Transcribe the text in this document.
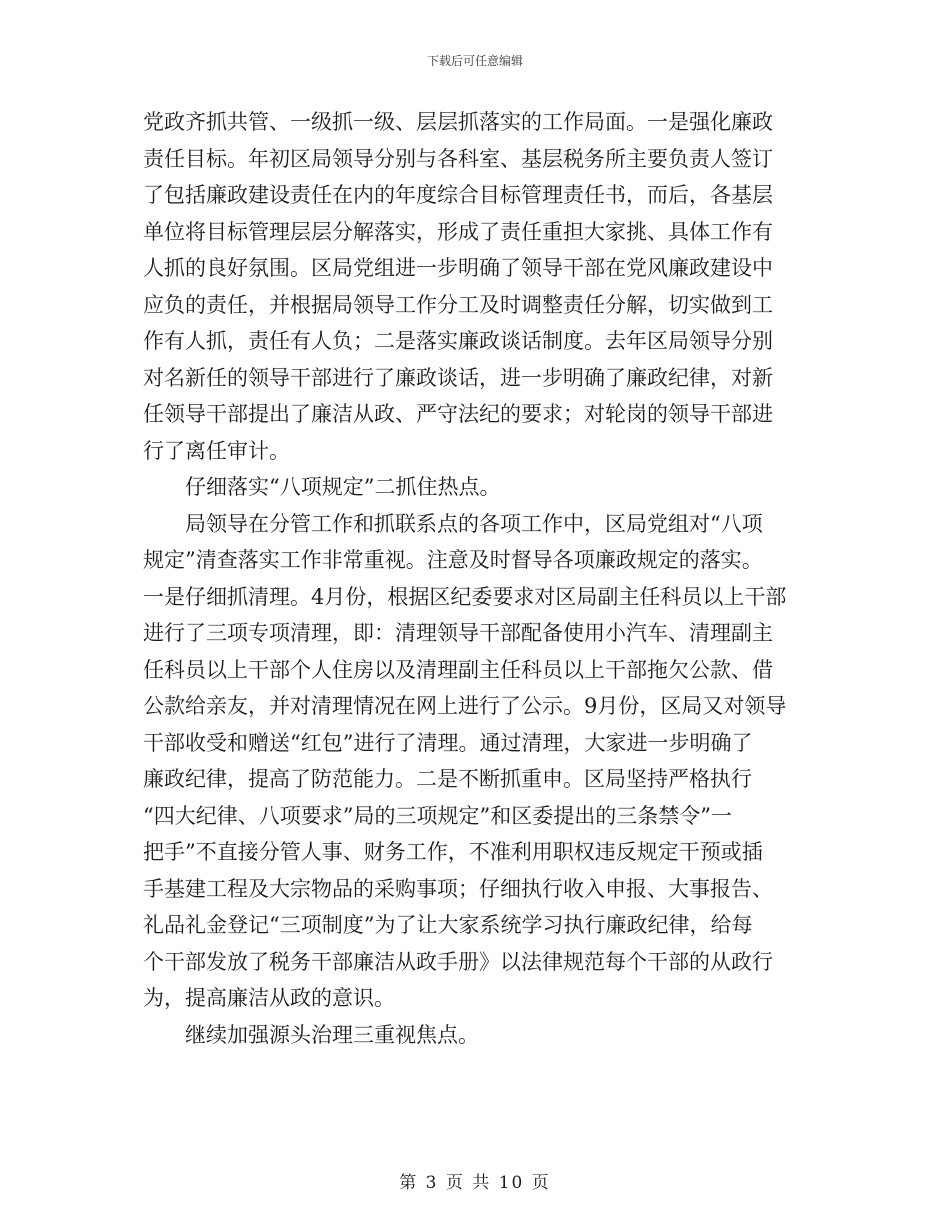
下载后可任意编辑
党政齐抓共管、一级抓一级、层层抓落实的工作局面。一是强化廉政
责任目标。年初区局领导分别与各科室、基层税务所主要负责人签订
了包括廉政建设责任在内的年度综合目标管理责任书，而后，各基层
单位将目标管理层层分解落实，形成了责任重担大家挑、具体工作有
人抓的良好氛围。区局党组进一步明确了领导干部在党风廉政建设中
应负的责任，并根据局领导工作分工及时调整责任分解，切实做到工
作有人抓，责任有人负；二是落实廉政谈话制度。去年区局领导分别
对名新任的领导干部进行了廉政谈话，进一步明确了廉政纪律，对新
任领导干部提出了廉洁从政、严守法纪的要求；对轮岗的领导干部进
行了离任审计。
　　仔细落实“八项规定”二抓住热点。
　　局领导在分管工作和抓联系点的各项工作中，区局党组对“八项
规定”清查落实工作非常重视。注意及时督导各项廉政规定的落实。
一是仔细抓清理。4月份，根据区纪委要求对区局副主任科员以上干部
进行了三项专项清理，即：清理领导干部配备使用小汽车、清理副主
任科员以上干部个人住房以及清理副主任科员以上干部拖欠公款、借
公款给亲友，并对清理情况在网上进行了公示。9月份，区局又对领导
干部收受和赠送“红包”进行了清理。通过清理，大家进一步明确了
廉政纪律，提高了防范能力。二是不断抓重申。区局坚持严格执行
“四大纪律、八项要求”局的三项规定”和区委提出的三条禁令”一
把手”不直接分管人事、财务工作，不准利用职权违反规定干预或插
手基建工程及大宗物品的采购事项；仔细执行收入申报、大事报告、
礼品礼金登记“三项制度”为了让大家系统学习执行廉政纪律，给每
个干部发放了税务干部廉洁从政手册》以法律规范每个干部的从政行
为，提高廉洁从政的意识。
　　继续加强源头治理三重视焦点。
第 3 页 共 10 页
